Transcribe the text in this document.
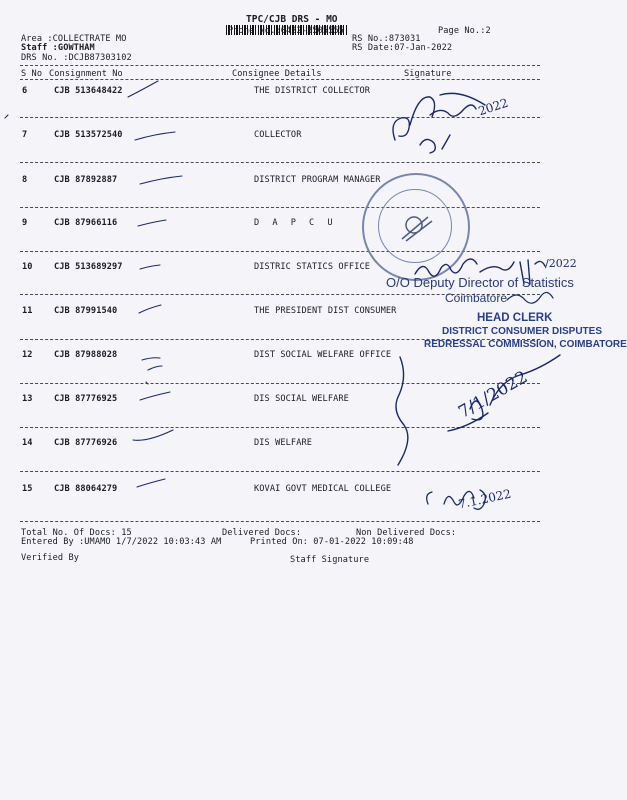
TPC/CJB DRS - MO
Phone No.:0422-3505555	Page No.:2
Area :COLLECTRATE MO
Staff :GOWTHAM
DRS No. :DCJB87303102
RS No.:873031
RS Date:07-Jan-2022
S No Consignment No	Consignee Details	Signature
6	CJB 513648422	THE DISTRICT COLLECTOR
7	CJB 513572540	COLLECTOR
8	CJB 87892887	DISTRICT PROGRAM MANAGER
9	CJB 87966116	D A P C U
10 CJB 513689297	DISTRIC STATICS OFFICE
11 CJB 87991540	THE PRESIDENT DIST CONSUMER
12 CJB 87988028	DIST SOCIAL WELFARE OFFICE
13 CJB 87776925	DIS SOCIAL WELFARE
14 CJB 87776926	DIS WELFARE
15 CJB 88064279	KOVAI GOVT MEDICAL COLLEGE
Total No. Of Docs: 15	Delivered Docs:	Non Delivered Docs:
Entered By :UMAMO 1/7/2022 10:03:43 AM	Printed On: 07-01-2022 10:09:48
Verified By	Staff Signature
2022
/2022
O/O Deputy Director of Statistics
Coimbatore
HEAD CLERK
DISTRICT CONSUMER DISPUTES
REDRESSAL COMMISSION, COIMBATORE
7/1/2022
7.1.2022
